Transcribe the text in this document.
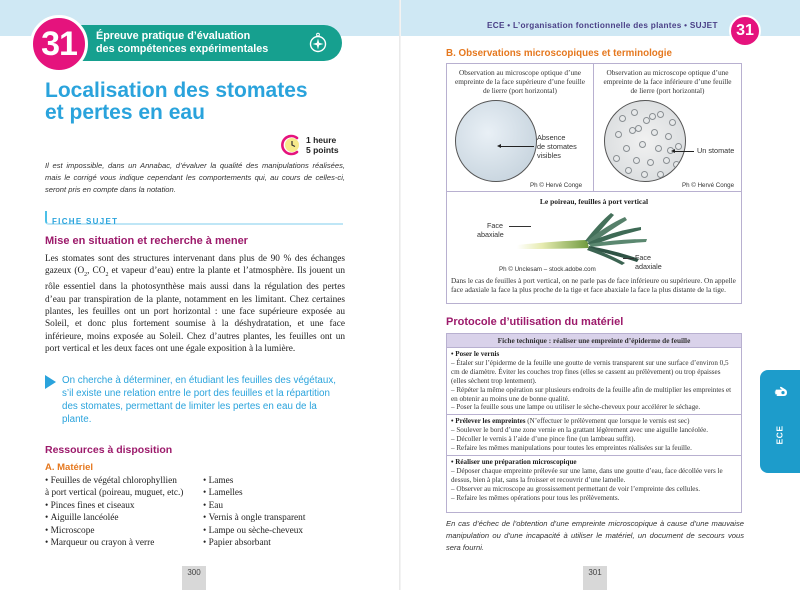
31 Épreuve pratique d’évaluation
des compétences expérimentales
Localisation des stomates
et pertes en eau
1 heure
5 points

Il est impossible, dans un Annabac, d’évaluer la qualité des manipulations réalisées, mais le corrigé vous indique cependant les comportements qui, au cours de celles-ci, seront pris en compte dans la notation.

FICHE SUJET
Mise en situation et recherche à mener

Les stomates sont des structures intervenant dans plus de 90 % des échanges gazeux ($O_2$, $CO_2$ et vapeur d’eau) entre la plante et l’atmosphère. Ils jouent un rôle essentiel dans la photosynthèse mais aussi dans la régulation des pertes d’eau par transpiration de la plante, notamment en les limitant. Chez certaines plantes, les feuilles ont un port horizontal : une face supérieure exposée au Soleil, et donc plus fortement soumise à la déshydratation, et une face inférieure, moins exposée au Soleil. Chez d’autres plantes, les feuilles ont un port vertical et les deux faces ont une égale exposition à la lumière.

On cherche à déterminer, en étudiant les feuilles des végétaux, s’il existe une relation entre le port des feuilles et la répartition des stomates, permettant de limiter les pertes en eau de la plante.

Ressources à disposition
A. Matériel
• Feuilles de végétal chlorophyllien
à port vertical (poireau, muguet, etc.)
• Pinces fines et ciseaux
• Aiguille lancéolée
• Microscope
• Marqueur ou crayon à verre
• Lames
• Lamelles
• Eau
• Vernis à ongle transparent
• Lampe ou sèche-cheveux
• Papier absorbant
300
ECE • L’organisation fonctionnelle des plantes • SUJET 31
B. Observations microscopiques et terminologie
Observation au microscope optique d’une empreinte de la face supérieure d’une feuille de lierre (port horizontal)
Absence
de stomates
visibles
Ph © Hervé Conge
Observation au microscope optique d’une empreinte de la face inférieure d’une feuille de lierre (port horizontal)
Un stomate
Ph © Hervé Conge
Le poireau, feuilles à port vertical
Face
abaxiale
Face
adaxiale
Ph © Unclesam – stock.adobe.com

Dans le cas de feuilles à port vertical, on ne parle pas de face inférieure ou supérieure. On appelle face adaxiale la face la plus proche de la tige et face abaxiale la face la plus distante de la tige.

Protocole d’utilisation du matériel
Fiche technique : réaliser une empreinte d’épiderme de feuille
• Poser le vernis
– Étaler sur l’épiderme de la feuille une goutte de vernis transparent sur une surface d’environ 0,5 cm de diamètre. Éviter les couches trop fines (elles se cassent au prélèvement) ou trop épaisses (elles sèchent trop lentement).
– Répéter la même opération sur plusieurs endroits de la feuille afin de multiplier les empreintes et en obtenir au moins une de bonne qualité.
– Poser la feuille sous une lampe ou utiliser le sèche-cheveux pour accélérer le séchage.
• Prélever les empreintes (N’effectuer le prélèvement que lorsque le vernis est sec)
– Soulever le bord d’une zone vernie en la grattant légèrement avec une aiguille lancéolée.
– Décoller le vernis à l’aide d’une pince fine (un lambeau suffit).
– Refaire les mêmes manipulations pour toutes les empreintes réalisées sur la feuille.
• Réaliser une préparation microscopique
– Déposer chaque empreinte prélevée sur une lame, dans une goutte d’eau, face décollée vers le dessus, bien à plat, sans la froisser et recouvrir d’une lamelle.
– Observer au microscope au grossissement permettant de voir l’empreinte des cellules.
– Refaire les mêmes opérations pour tous les prélèvements.

En cas d’échec de l’obtention d’une empreinte microscopique à cause d’une mauvaise manipulation ou d’une incapacité à utiliser le matériel, un document de secours vous sera fourni.

ECE
301
